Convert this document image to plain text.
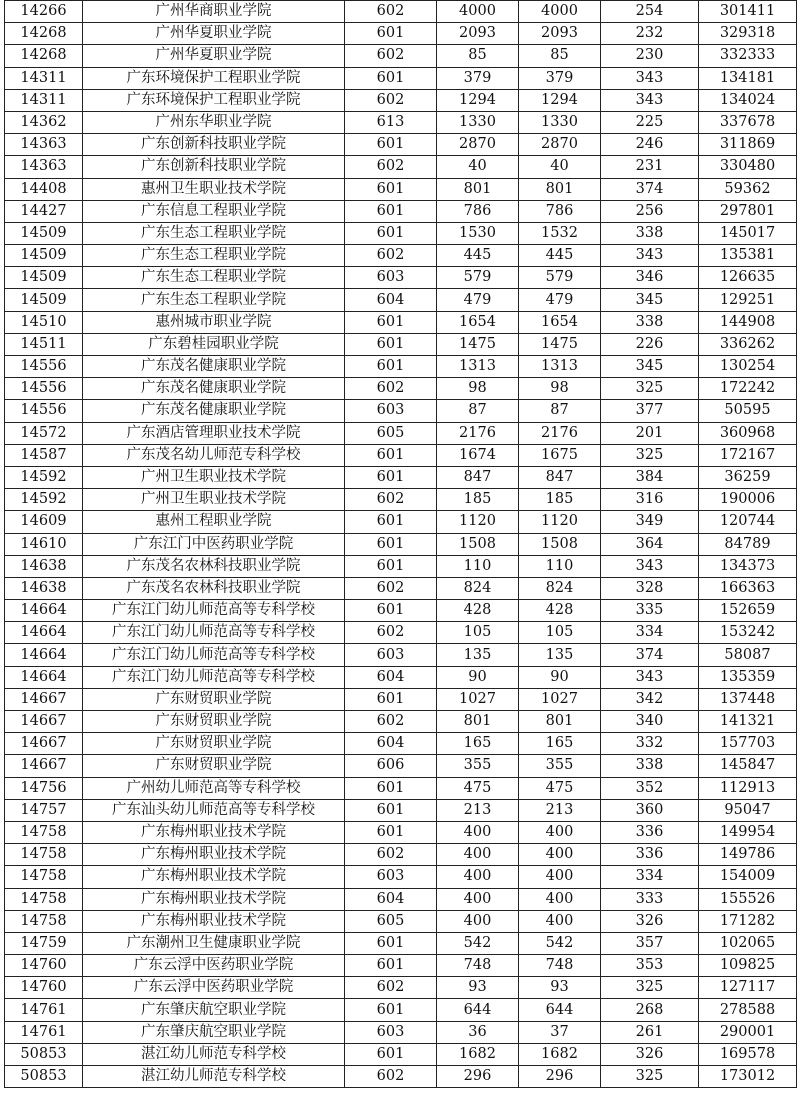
14266	广州华商职业学院	602	4000	4000	254	301411
14268	广州华夏职业学院	601	2093	2093	232	329318
14268	广州华夏职业学院	602	85	85	230	332333
14311	广东环境保护工程职业学院	601	379	379	343	134181
14311	广东环境保护工程职业学院	602	1294	1294	343	134024
14362	广州东华职业学院	613	1330	1330	225	337678
14363	广东创新科技职业学院	601	2870	2870	246	311869
14363	广东创新科技职业学院	602	40	40	231	330480
14408	惠州卫生职业技术学院	601	801	801	374	59362
14427	广东信息工程职业学院	601	786	786	256	297801
14509	广东生态工程职业学院	601	1530	1532	338	145017
14509	广东生态工程职业学院	602	445	445	343	135381
14509	广东生态工程职业学院	603	579	579	346	126635
14509	广东生态工程职业学院	604	479	479	345	129251
14510	惠州城市职业学院	601	1654	1654	338	144908
14511	广东碧桂园职业学院	601	1475	1475	226	336262
14556	广东茂名健康职业学院	601	1313	1313	345	130254
14556	广东茂名健康职业学院	602	98	98	325	172242
14556	广东茂名健康职业学院	603	87	87	377	50595
14572	广东酒店管理职业技术学院	605	2176	2176	201	360968
14587	广东茂名幼儿师范专科学校	601	1674	1675	325	172167
14592	广州卫生职业技术学院	601	847	847	384	36259
14592	广州卫生职业技术学院	602	185	185	316	190006
14609	惠州工程职业学院	601	1120	1120	349	120744
14610	广东江门中医药职业学院	601	1508	1508	364	84789
14638	广东茂名农林科技职业学院	601	110	110	343	134373
14638	广东茂名农林科技职业学院	602	824	824	328	166363
14664	广东江门幼儿师范高等专科学校	601	428	428	335	152659
14664	广东江门幼儿师范高等专科学校	602	105	105	334	153242
14664	广东江门幼儿师范高等专科学校	603	135	135	374	58087
14664	广东江门幼儿师范高等专科学校	604	90	90	343	135359
14667	广东财贸职业学院	601	1027	1027	342	137448
14667	广东财贸职业学院	602	801	801	340	141321
14667	广东财贸职业学院	604	165	165	332	157703
14667	广东财贸职业学院	606	355	355	338	145847
14756	广州幼儿师范高等专科学校	601	475	475	352	112913
14757	广东汕头幼儿师范高等专科学校	601	213	213	360	95047
14758	广东梅州职业技术学院	601	400	400	336	149954
14758	广东梅州职业技术学院	602	400	400	336	149786
14758	广东梅州职业技术学院	603	400	400	334	154009
14758	广东梅州职业技术学院	604	400	400	333	155526
14758	广东梅州职业技术学院	605	400	400	326	171282
14759	广东潮州卫生健康职业学院	601	542	542	357	102065
14760	广东云浮中医药职业学院	601	748	748	353	109825
14760	广东云浮中医药职业学院	602	93	93	325	127117
14761	广东肇庆航空职业学院	601	644	644	268	278588
14761	广东肇庆航空职业学院	603	36	37	261	290001
50853	湛江幼儿师范专科学校	601	1682	1682	326	169578
50853	湛江幼儿师范专科学校	602	296	296	325	173012
